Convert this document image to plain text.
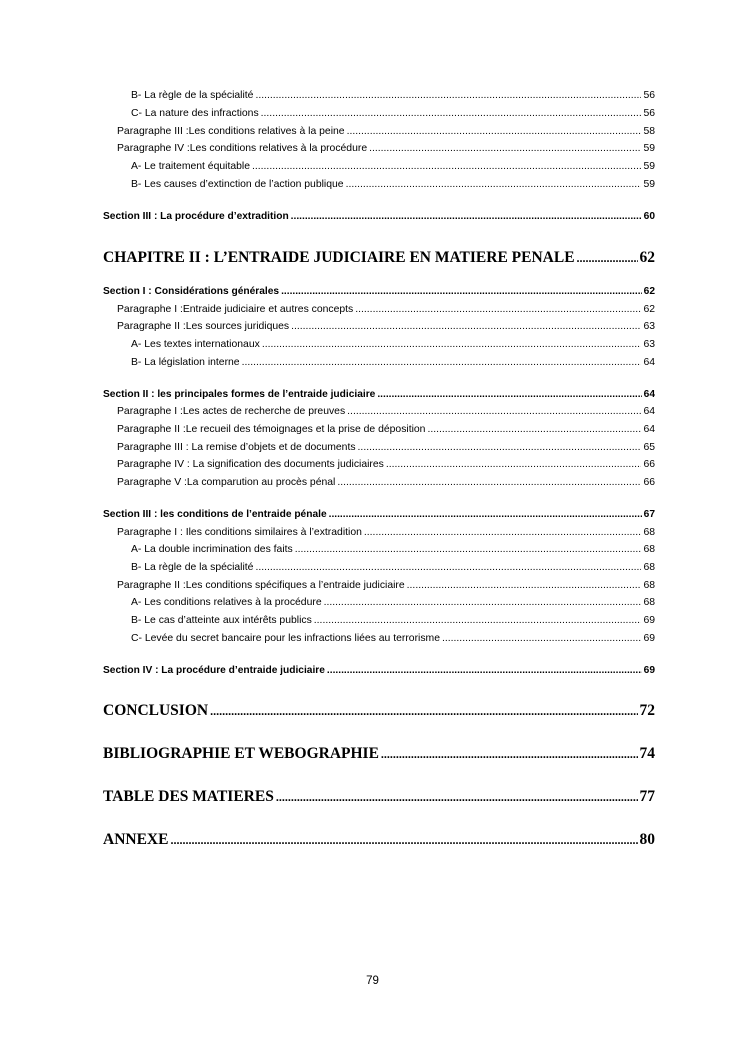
B- La règle de la spécialité .....	56
C- La nature des infractions .....	56
Paragraphe III :Les conditions relatives à la peine .....	58
Paragraphe IV :Les conditions relatives à la procédure .....	59
A- Le traitement équitable .....	59
B- Les causes d’extinction de l’action publique .....	59
Section III : La procédure d’extradition .....	60
CHAPITRE II : L’ENTRAIDE JUDICIAIRE EN MATIERE PENALE .....	62
Section I : Considérations générales .....	62
Paragraphe I :Entraide judiciaire et autres concepts .....	62
Paragraphe II :Les sources juridiques .....	63
A- Les textes internationaux .....	63
B- La législation interne .....	64
Section II : les principales formes de l’entraide judiciaire .....	64
Paragraphe I :Les actes de recherche de preuves .....	64
Paragraphe II :Le recueil des témoignages et la prise de déposition .....	64
Paragraphe III : La remise d’objets et de documents .....	65
Paragraphe IV : La signification des documents judiciaires .....	66
Paragraphe V :La comparution au procès pénal .....	66
Section III : les conditions de l’entraide pénale .....	67
Paragraphe I : Iles conditions similaires à l’extradition .....	68
A- La double incrimination des faits .....	68
B- La règle de la spécialité .....	68
Paragraphe II :Les conditions spécifiques a l’entraide judiciaire .....	68
A- Les conditions relatives à la procédure .....	68
B- Le cas d’atteinte aux intérêts publics .....	69
C- Levée du secret bancaire pour les infractions liées au terrorisme .....	69
Section IV : La procédure d’entraide judiciaire .....	69
CONCLUSION .....	72
BIBLIOGRAPHIE ET WEBOGRAPHIE .....	74
TABLE DES MATIERES .....	77
ANNEXE .....	80
79
